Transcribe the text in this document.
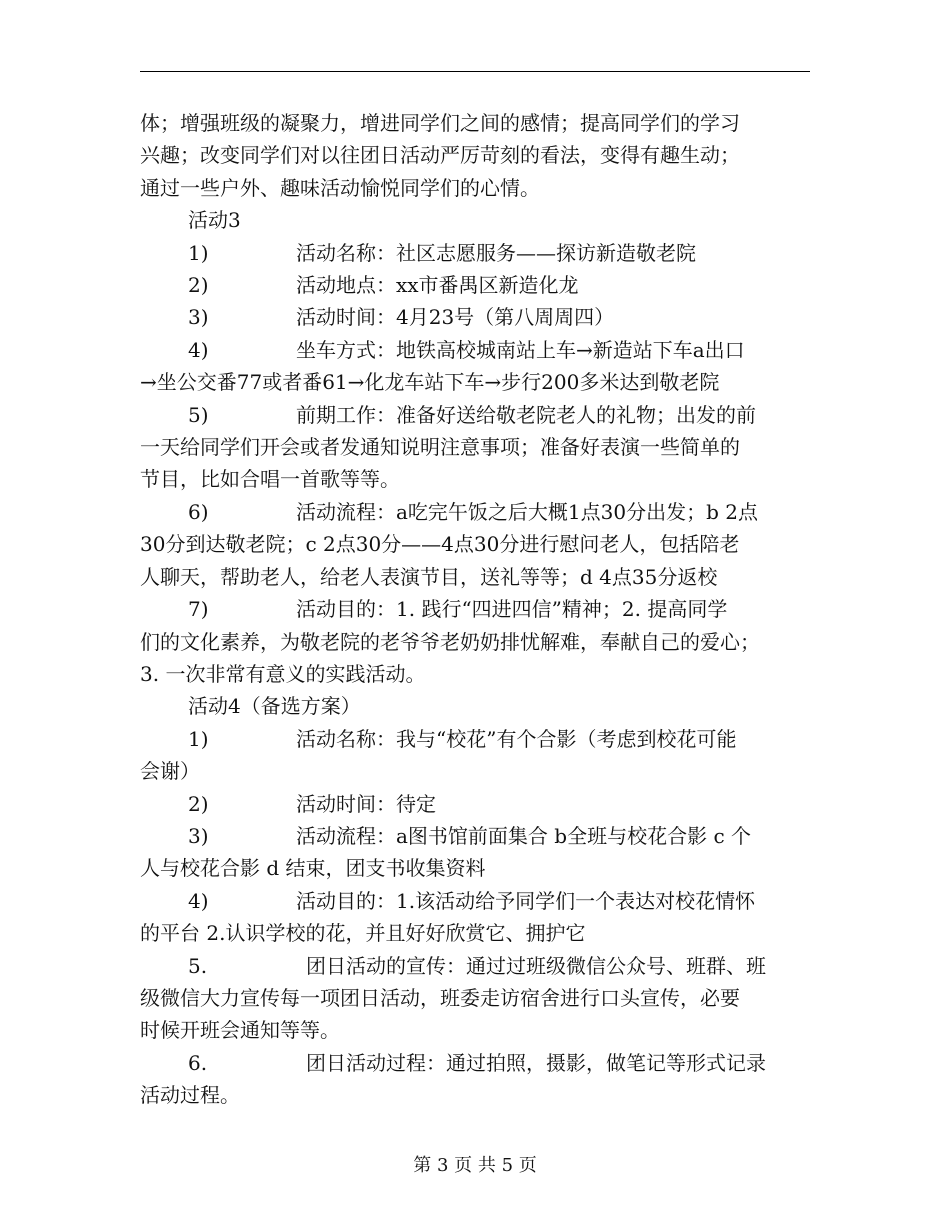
体；增强班级的凝聚力，增进同学们之间的感情；提高同学们的学习

兴趣；改变同学们对以往团日活动严厉苛刻的看法，变得有趣生动；

通过一些户外、趣味活动愉悦同学们的心情。

活动3

1)	活动名称：社区志愿服务——探访新造敬老院

2)	活动地点：xx市番禺区新造化龙

3)	活动时间：4月23号（第八周周四）

4)	坐车方式：地铁高校城南站上车→新造站下车a出口

→坐公交番77或者番61→化龙车站下车→步行200多米达到敬老院

5)	前期工作：准备好送给敬老院老人的礼物；出发的前

一天给同学们开会或者发通知说明注意事项；准备好表演一些简单的

节目，比如合唱一首歌等等。

6)	活动流程：a吃完午饭之后大概1点30分出发；b 2点

30分到达敬老院；c 2点30分——4点30分进行慰问老人，包括陪老

人聊天，帮助老人，给老人表演节目，送礼等等；d 4点35分返校

7)	活动目的：1. 践行“四进四信”精神；2. 提高同学

们的文化素养，为敬老院的老爷爷老奶奶排忧解难，奉献自己的爱心；

3. 一次非常有意义的实践活动。

活动4（备选方案）

1)	活动名称：我与“校花”有个合影（考虑到校花可能

会谢）

2)	活动时间：待定

3)	活动流程：a图书馆前面集合 b全班与校花合影 c 个

人与校花合影 d 结束，团支书收集资料

4)	活动目的：1.该活动给予同学们一个表达对校花情怀

的平台 2.认识学校的花，并且好好欣赏它、拥护它

5.	团日活动的宣传：通过过班级微信公众号、班群、班

级微信大力宣传每一项团日活动，班委走访宿舍进行口头宣传，必要

时候开班会通知等等。

6.	团日活动过程：通过拍照，摄影，做笔记等形式记录

活动过程。

第 3 页 共 5 页
